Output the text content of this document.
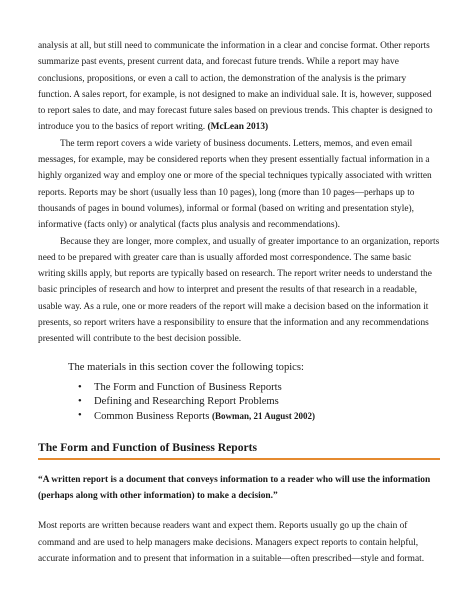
analysis at all, but still need to communicate the information in a clear and concise format. Other reports summarize past events, present current data, and forecast future trends. While a report may have conclusions, propositions, or even a call to action, the demonstration of the analysis is the primary function. A sales report, for example, is not designed to make an individual sale. It is, however, supposed to report sales to date, and may forecast future sales based on previous trends. This chapter is designed to introduce you to the basics of report writing. (McLean 2013)

The term report covers a wide variety of business documents. Letters, memos, and even email messages, for example, may be considered reports when they present essentially factual information in a highly organized way and employ one or more of the special techniques typically associated with written reports. Reports may be short (usually less than 10 pages), long (more than 10 pages—perhaps up to thousands of pages in bound volumes), informal or formal (based on writing and presentation style), informative (facts only) or analytical (facts plus analysis and recommendations).

Because they are longer, more complex, and usually of greater importance to an organization, reports need to be prepared with greater care than is usually afforded most correspondence. The same basic writing skills apply, but reports are typically based on research. The report writer needs to understand the basic principles of research and how to interpret and present the results of that research in a readable, usable way. As a rule, one or more readers of the report will make a decision based on the information it presents, so report writers have a responsibility to ensure that the information and any recommendations presented will contribute to the best decision possible.

The materials in this section cover the following topics:
• The Form and Function of Business Reports
• Defining and Researching Report Problems
• Common Business Reports (Bowman, 21 August 2002)
The Form and Function of Business Reports

“A written report is a document that conveys information to a reader who will use the information (perhaps along with other information) to make a decision.”

Most reports are written because readers want and expect them. Reports usually go up the chain of command and are used to help managers make decisions. Managers expect reports to contain helpful, accurate information and to present that information in a suitable—often prescribed—style and format.
